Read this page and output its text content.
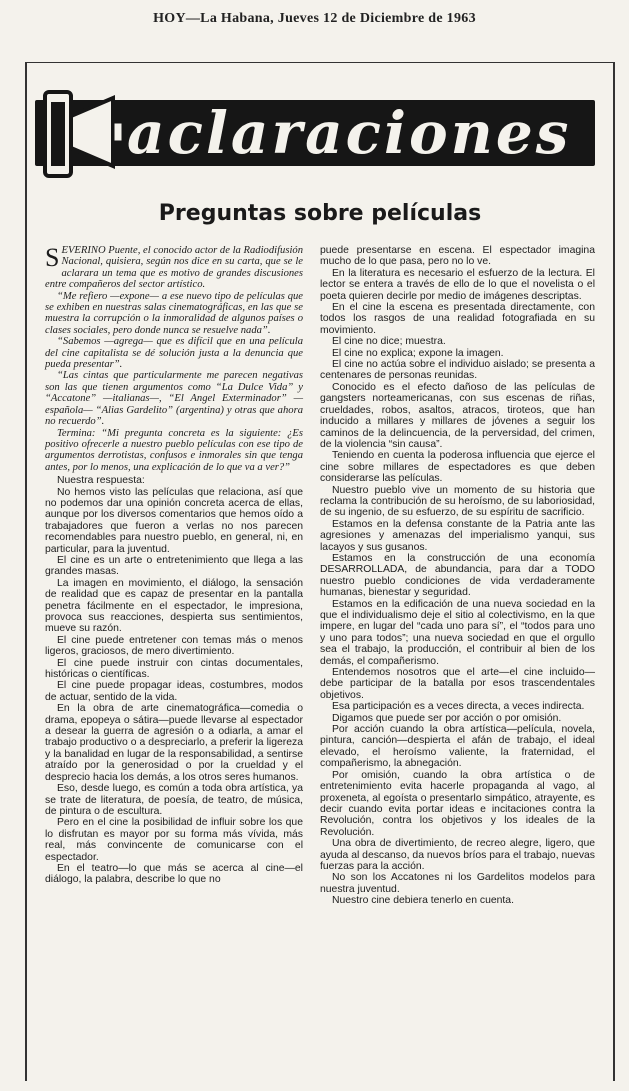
HOY—La Habana, Jueves 12 de Diciembre de 1963
aclaraciones
Preguntas sobre películas

SEVERINO Puente, el conocido actor de la Radiodifusión Nacional, quisiera, según nos dice en su carta, que se le aclarara un tema que es motivo de grandes discusiones entre compañeros del sector artístico.

“Me refiero —expone— a ese nuevo tipo de películas que se exhiben en nuestras salas cinematográficas, en las que se muestra la corrupción o la inmoralidad de algunos países o clases sociales, pero donde nunca se resuelve nada”.

“Sabemos —agrega— que es difícil que en una película del cine capitalista se dé solución justa a la denuncia que pueda presentar”.

“Las cintas que particularmente me parecen negativas son las que tienen argumentos como “La Dulce Vida” y “Accatone” —italianas—, “El Angel Exterminador” —española— “Alias Gardelito” (argentina) y otras que ahora no recuerdo”.

Termina: “Mi pregunta concreta es la siguiente: ¿Es positivo ofrecerle a nuestro pueblo películas con ese tipo de argumentos derrotistas, confusos e inmorales sin que tenga antes, por lo menos, una explicación de lo que va a ver?”

Nuestra respuesta:

No hemos visto las películas que relaciona, así que no podemos dar una opinión concreta acerca de ellas, aunque por los diversos comentarios que hemos oído a trabajadores que fueron a verlas no nos parecen recomendables para nuestro pueblo, en general, ni, en particular, para la juventud.

El cine es un arte o entretenimiento que llega a las grandes masas.

La imagen en movimiento, el diálogo, la sensación de realidad que es capaz de presentar en la pantalla penetra fácilmente en el espectador, le impresiona, provoca sus reacciones, despierta sus sentimientos, mueve su razón.

El cine puede entretener con temas más o menos ligeros, graciosos, de mero divertimiento.

El cine puede instruir con cintas documentales, históricas o científicas.

El cine puede propagar ideas, costumbres, modos de actuar, sentido de la vida.

En la obra de arte cinematográfica—comedia o drama, epopeya o sátira—puede llevarse al espectador a desear la guerra de agresión o a odiarla, a amar el trabajo productivo o a despreciarlo, a preferir la ligereza y la banalidad en lugar de la responsabilidad, a sentirse atraído por la generosidad o por la crueldad y el desprecio hacia los demás, a los otros seres humanos.

Eso, desde luego, es común a toda obra artística, ya se trate de literatura, de poesía, de teatro, de música, de pintura o de escultura.

Pero en el cine la posibilidad de influir sobre los que lo disfrutan es mayor por su forma más vívida, más real, más convincente de comunicarse con el espectador.

En el teatro—lo que más se acerca al cine—el diálogo, la palabra, describe lo que no

puede presentarse en escena. El espectador imagina mucho de lo que pasa, pero no lo ve.

En la literatura es necesario el esfuerzo de la lectura. El lector se entera a través de ello de lo que el novelista o el poeta quieren decirle por medio de imágenes descriptas.

En el cine la escena es presentada directamente, con todos los rasgos de una realidad fotografiada en su movimiento.

El cine no dice; muestra.

El cine no explica; expone la imagen.

El cine no actúa sobre el individuo aislado; se presenta a centenares de personas reunidas.

Conocido es el efecto dañoso de las películas de gangsters norteamericanas, con sus escenas de riñas, crueldades, robos, asaltos, atracos, tiroteos, que han inducido a millares y millares de jóvenes a seguir los caminos de la delincuencia, de la perversidad, del crimen, de la violencia “sin causa”.

Teniendo en cuenta la poderosa influencia que ejerce el cine sobre millares de espectadores es que deben considerarse las películas.

Nuestro pueblo vive un momento de su historia que reclama la contribución de su heroísmo, de su laboriosidad, de su ingenio, de su esfuerzo, de su espíritu de sacrificio.

Estamos en la defensa constante de la Patria ante las agresiones y amenazas del imperialismo yanqui, sus lacayos y sus gusanos.

Estamos en la construcción de una economía DESARROLLADA, de abundancia, para dar a TODO nuestro pueblo condiciones de vida verdaderamente humanas, bienestar y seguridad.

Estamos en la edificación de una nueva sociedad en la que el individualismo deje el sitio al colectivismo, en la que impere, en lugar del “cada uno para sí”, el “todos para uno y uno para todos”; una nueva sociedad en que el orgullo sea el trabajo, la producción, el contribuir al bien de los demás, el compañerismo.

Entendemos nosotros que el arte—el cine incluido—debe participar de la batalla por esos trascendentales objetivos.

Esa participación es a veces directa, a veces indirecta.

Digamos que puede ser por acción o por omisión.

Por acción cuando la obra artística—película, novela, pintura, canción—despierta el afán de trabajo, el ideal elevado, el heroísmo valiente, la fraternidad, el compañerismo, la abnegación.

Por omisión, cuando la obra artística o de entretenimiento evita hacerle propaganda al vago, al proxeneta, al egoísta o presentarlo simpático, atrayente, es decir cuando evita portar ideas e incitaciones contra la Revolución, contra los objetivos y los ideales de la Revolución.

Una obra de divertimiento, de recreo alegre, ligero, que ayuda al descanso, da nuevos bríos para el trabajo, nuevas fuerzas para la acción.

No son los Accatones ni los Gardelitos modelos para nuestra juventud.

Nuestro cine debiera tenerlo en cuenta.
